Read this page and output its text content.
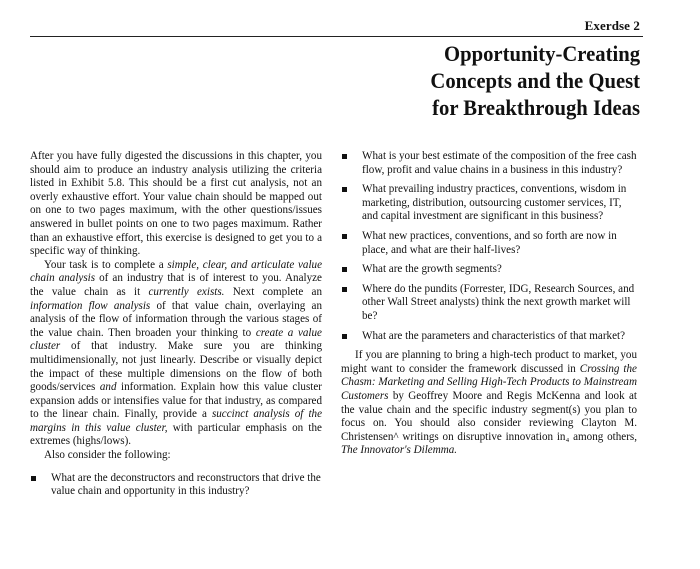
Exerdse 2
Opportunity-Creating
Concepts and the Quest
for Breakthrough Ideas

After you have fully digested the discussions in this chapter, you should aim to produce an industry analysis utilizing the criteria listed in Exhibit 5.8. This should be a first cut analysis, not an overly exhaustive effort. Your value chain should be mapped out on one to two pages maximum, with the other questions/issues answered in bullet points on one to two pages maximum. Rather than an exhaustive effort, this exercise is designed to get you to a specific way of thinking.

Your task is to complete a simple, clear, and articulate value chain analysis of an industry that is of interest to you. Analyze the value chain as it currently exists. Next complete an information flow analysis of that value chain, overlaying an analysis of the flow of information through the various stages of the value chain. Then broaden your thinking to create a value cluster of that industry. Make sure you are thinking multidimensionally, not just linearly. Describe or visually depict the impact of these multiple dimensions on the flow of both goods/services and information. Explain how this value cluster expansion adds or intensifies value for that industry, as compared to the linear chain. Finally, provide a succinct analysis of the margins in this value cluster, with particular emphasis on the extremes (highs/lows).

Also consider the following:

What are the deconstructors and reconstructors that drive the value chain and opportunity in this industry?
What is your best estimate of the composition of the free cash flow, profit and value chains in a business in this industry?
What prevailing industry practices, conventions, wisdom in marketing, distribution, outsourcing customer services, IT, and capital investment are significant in this business?
What new practices, conventions, and so forth are now in place, and what are their half-lives?
What are the growth segments?
Where do the pundits (Forrester, IDG, Research Sources, and other Wall Street analysts) think the next growth market will be?
What are the parameters and characteristics of that market?

If you are planning to bring a high-tech product to market, you might want to consider the framework discussed in Crossing the Chasm: Marketing and Selling High-Tech Products to Mainstream Customers by Geoffrey Moore and Regis McKenna and look at the value chain and the specific industry segment(s) you plan to focus on. You should also consider reviewing Clayton M. Christensen^ writings on disruptive innovation in₄ among others, The Innovator's Dilemma.
